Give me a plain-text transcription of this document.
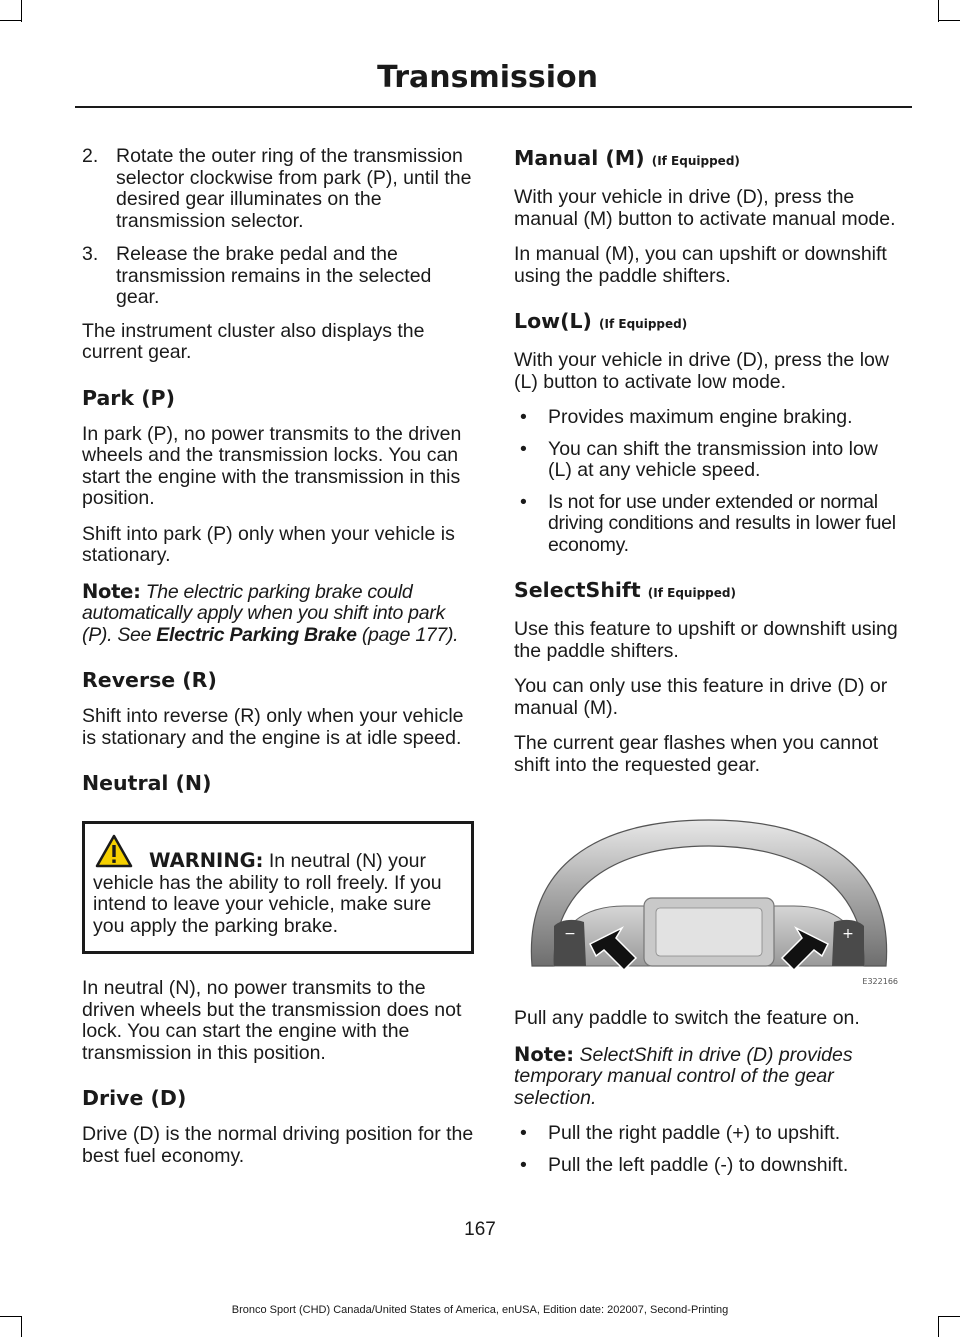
Transmission
2. Rotate the outer ring of the transmission selector clockwise from park (P), until the desired gear illuminates on the transmission selector.
3. Release the brake pedal and the transmission remains in the selected gear.

The instrument cluster also displays the current gear.

Park (P)

In park (P), no power transmits to the driven wheels and the transmission locks. You can start the engine with the transmission in this position.

Shift into park (P) only when your vehicle is stationary.

Note: The electric parking brake could automatically apply when you shift into park (P). See Electric Parking Brake (page 177).

Reverse (R)

Shift into reverse (R) only when your vehicle is stationary and the engine is at idle speed.

Neutral (N)
WARNING: In neutral (N) your vehicle has the ability to roll freely. If you intend to leave your vehicle, make sure you apply the parking brake.

In neutral (N), no power transmits to the driven wheels but the transmission does not lock. You can start the engine with the transmission in this position.

Drive (D)

Drive (D) is the normal driving position for the best fuel economy.

Manual (M) (If Equipped)

With your vehicle in drive (D), press the manual (M) button to activate manual mode.

In manual (M), you can upshift or downshift using the paddle shifters.

Low(L) (If Equipped)

With your vehicle in drive (D), press the low (L) button to activate low mode.

• Provides maximum engine braking.
• You can shift the transmission into low (L) at any vehicle speed.
• Is not for use under extended or normal driving conditions and results in lower fuel economy.
SelectShift (If Equipped)

Use this feature to upshift or downshift using the paddle shifters.

You can only use this feature in drive (D) or manual (M).

The current gear flashes when you cannot shift into the requested gear.

−	+
E322166

Pull any paddle to switch the feature on.

Note: SelectShift in drive (D) provides temporary manual control of the gear selection.

• Pull the right paddle (+) to upshift.
• Pull the left paddle (-) to downshift.
167
Bronco Sport (CHD) Canada/United States of America, enUSA, Edition date: 202007, Second-Printing
